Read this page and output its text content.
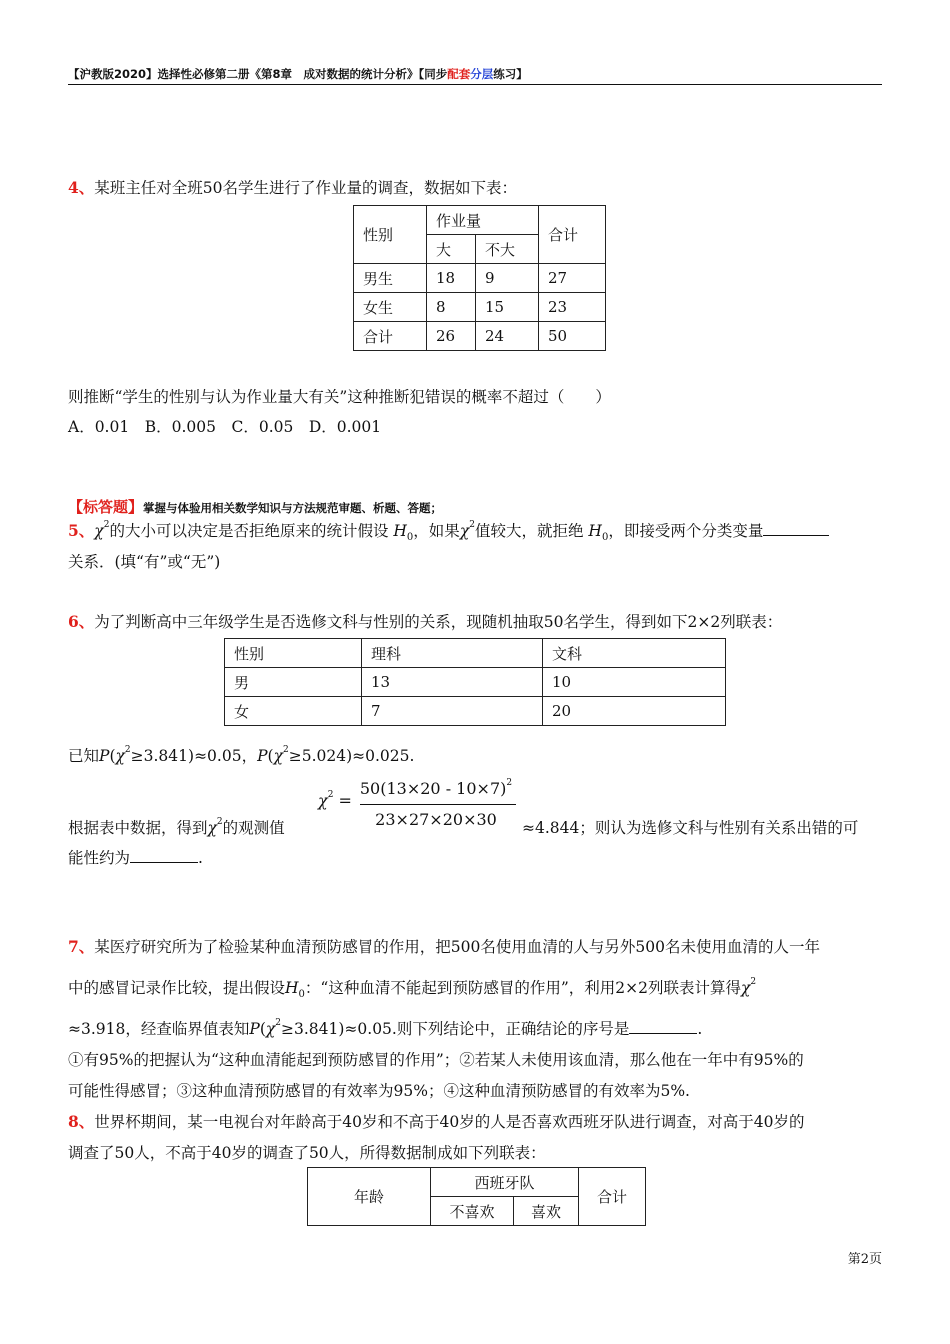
【沪教版2020】选择性必修第二册《第8章　成对数据的统计分析》【同步配套分层练习】
4、某班主任对全班50名学生进行了作业量的调查，数据如下表：
性别	作业量		合计
	大	不大	
男生	18	9	27
女生	8	15	23
合计	26	24	50
则推断“学生的性别与认为作业量大有关”这种推断犯错误的概率不超过（　　）
A．0.01　B．0.005　C．0.05　D．0.001
【标答题】掌握与体验用相关数学知识与方法规范审题、析题、答题；
5、$\chi^2$的大小可以决定是否拒绝原来的统计假设 $H_0$，如果$\chi^2$值较大，就拒绝 $H_0$，即接受两个分类变量
关系．(填“有”或“无”)
6、为了判断高中三年级学生是否选修文科与性别的关系，现随机抽取50名学生，得到如下2×2列联表：
性别	理科	文科
男	13	10
女	7	20
已知$P(\chi^2\ge 3.841)\approx 0.05$，$P(\chi^2\ge 5.024)\approx 0.025$.
$\chi^2$ =
$50(13\times 20 - 10\times 7)^2$
23×27×20×30
根据表中数据，得到$\chi^2$的观测值	≈4.844；则认为选修文科与性别有关系出错的可
能性约为	.
7、某医疗研究所为了检验某种血清预防感冒的作用，把500名使用血清的人与另外500名未使用血清的人一年
中的感冒记录作比较，提出假设$H_0$：“这种血清不能起到预防感冒的作用”，利用2×2列联表计算得$\chi^2$
≈3.918，经查临界值表知$P(\chi^2\ge 3.841)\approx 0.05$.则下列结论中，正确结论的序号是	.
①有95%的把握认为“这种血清能起到预防感冒的作用”；②若某人未使用该血清，那么他在一年中有95%的
可能性得感冒；③这种血清预防感冒的有效率为95%；④这种血清预防感冒的有效率为5%.
8、世界杯期间，某一电视台对年龄高于40岁和不高于40岁的人是否喜欢西班牙队进行调查，对高于40岁的
调查了50人，不高于40岁的调查了50人，所得数据制成如下列联表：
年龄	西班牙队		合计
	不喜欢	喜欢	
第2页
